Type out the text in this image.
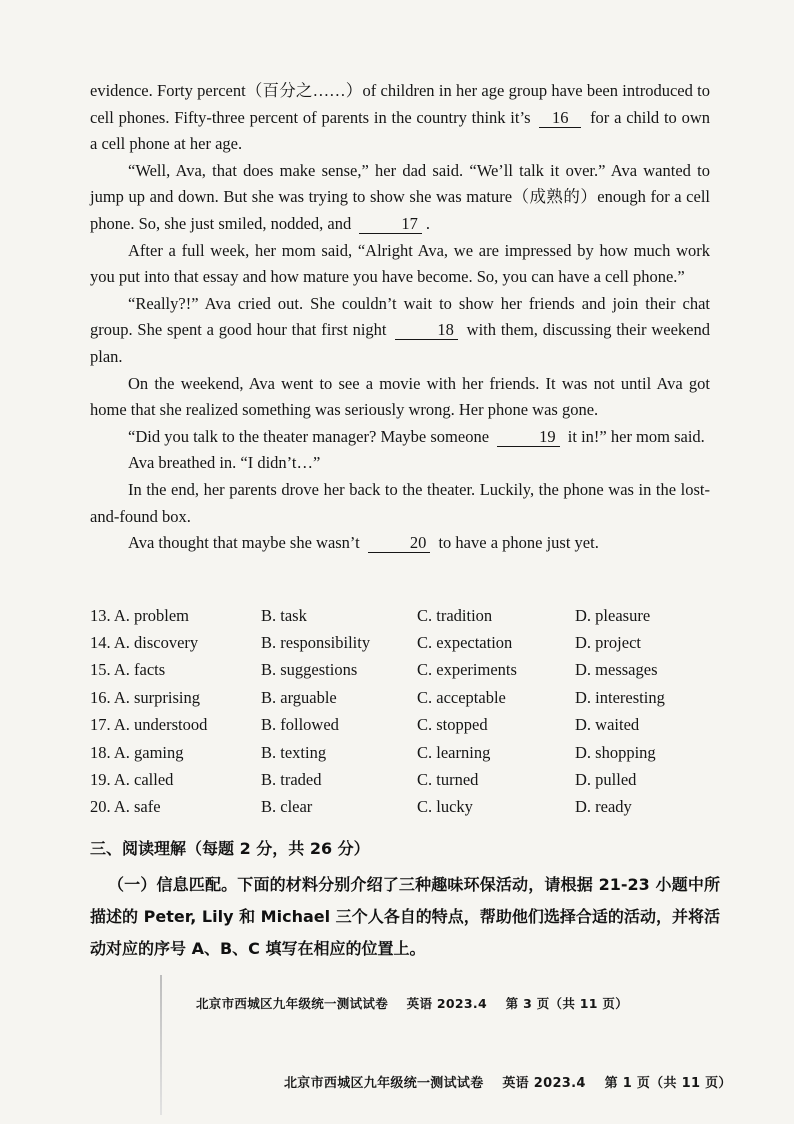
evidence. Forty percent（百分之……）of children in her age group have been introduced to cell phones. Fifty-three percent of parents in the country think it’s 16 for a child to own a cell phone at her age.

“Well, Ava, that does make sense,” her dad said. “We’ll talk it over.” Ava wanted to jump up and down. But she was trying to show she was mature（成熟的）enough for a cell phone. So, she just smiled, nodded, and	17 .

After a full week, her mom said, “Alright Ava, we are impressed by how much work you put into that essay and how mature you have become. So, you can have a cell phone.”

“Really?!” Ava cried out. She couldn’t wait to show her friends and join their chat group. She spent a good hour that first night	18 with them, discussing their weekend plan.

On the weekend, Ava went to see a movie with her friends. It was not until Ava got home that she realized something was seriously wrong. Her phone was gone.

“Did you talk to the theater manager? Maybe someone	19 it in!” her mom said.

Ava breathed in. “I didn’t…”

In the end, her parents drove her back to the theater. Luckily, the phone was in the lost-and-found box.

Ava thought that maybe she wasn’t	20 to have a phone just yet.

13. A. problem	B. task	C. tradition	D. pleasure
14. A. discovery	B. responsibility	C. expectation	D. project
15. A. facts	B. suggestions	C. experiments	D. messages
16. A. surprising	B. arguable	C. acceptable	D. interesting
17. A. understood	B. followed	C. stopped	D. waited
18. A. gaming	B. texting	C. learning	D. shopping
19. A. called	B. traded	C. turned	D. pulled
20. A. safe	B. clear	C. lucky	D. ready

三、阅读理解（每题 2 分，共 26 分）

（一）信息匹配。下面的材料分别介绍了三种趣味环保活动，请根据 21-23 小题中所描述的 Peter, Lily 和 Michael 三个人各自的特点，帮助他们选择合适的活动，并将活动对应的序号 A、B、C 填写在相应的位置上。

北京市西城区九年级统一测试试卷 英语 2023.4 第 3 页（共 11 页）
北京市西城区九年级统一测试试卷 英语 2023.4 第 1 页（共 11 页）
